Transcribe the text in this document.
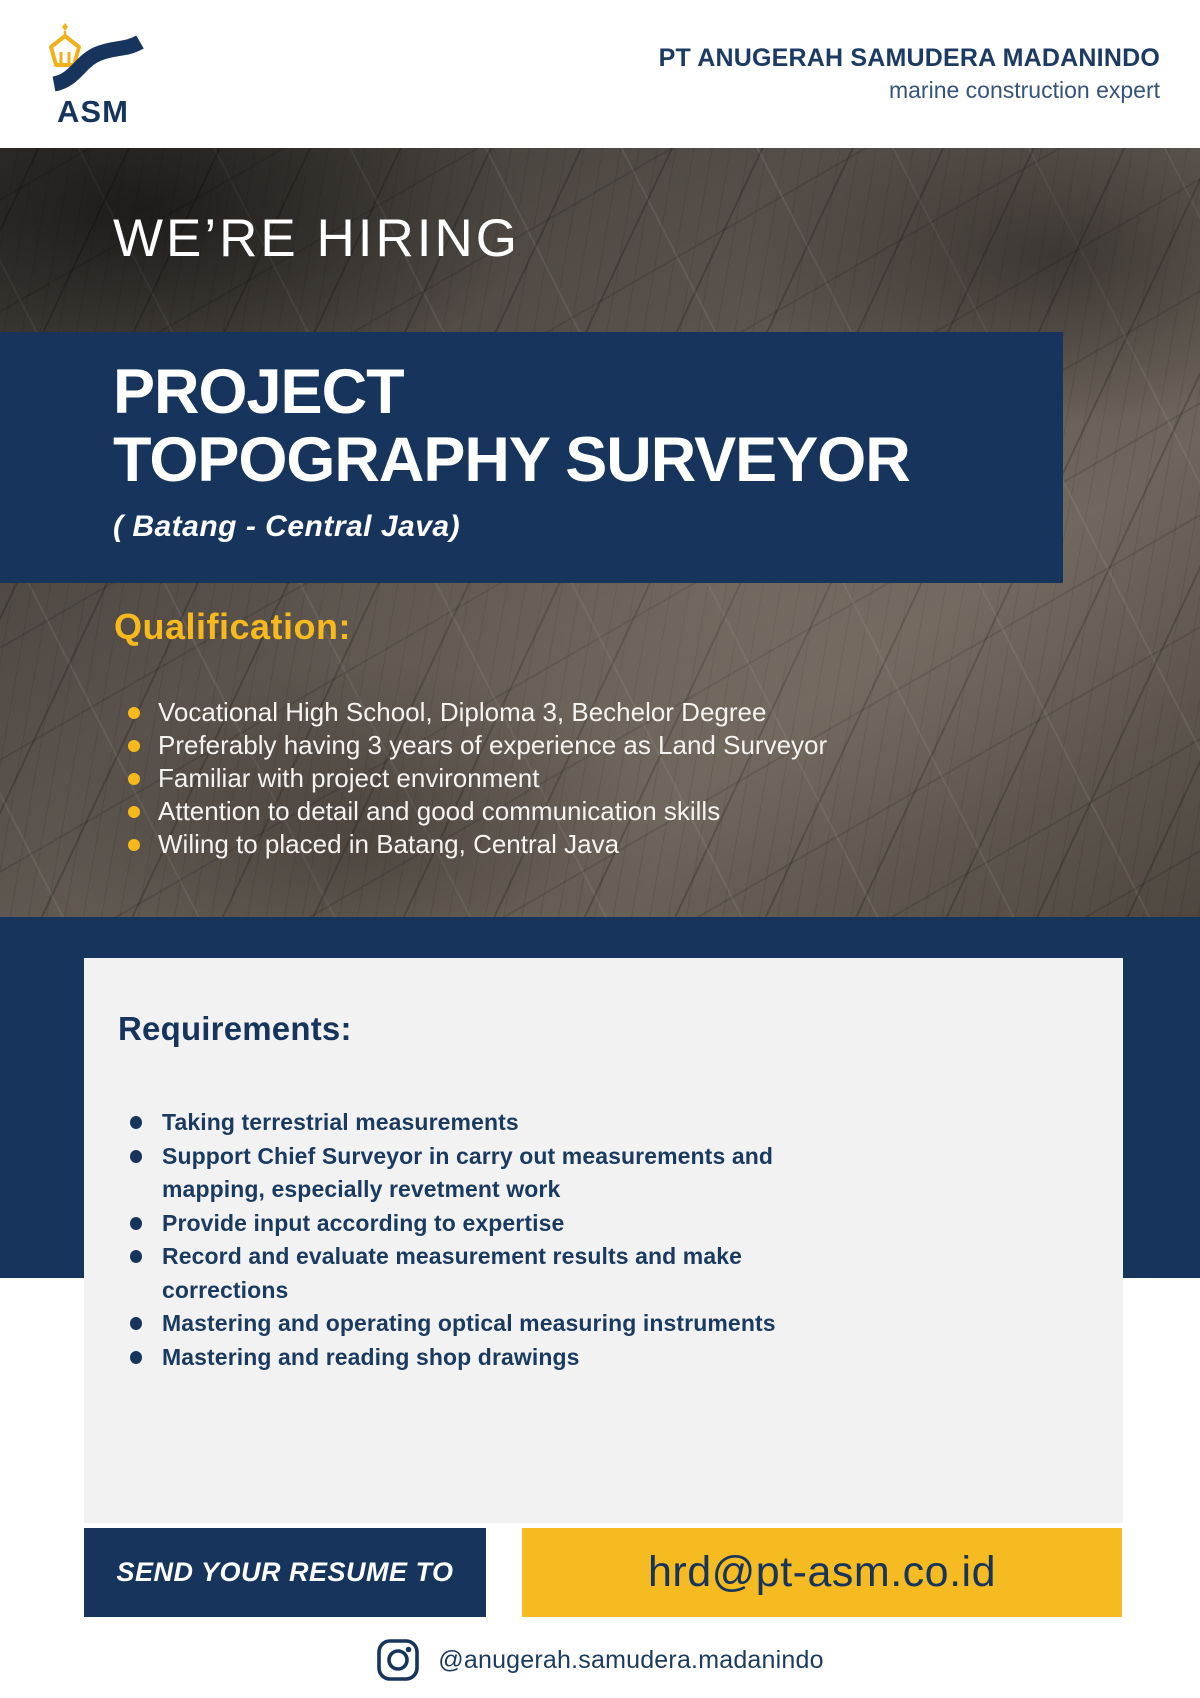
ASM
PT ANUGERAH SAMUDERA MADANINDO
marine construction expert
WE’RE HIRING
PROJECT
TOPOGRAPHY SURVEYOR
( Batang - Central Java)
Qualification:
Vocational High School, Diploma 3, Bechelor Degree
Preferably having 3 years of experience as Land Surveyor
Familiar with project environment
Attention to detail and good communication skills
Wiling to placed in Batang, Central Java
Requirements:
Taking terrestrial measurements
Support Chief Surveyor in carry out measurements and mapping, especially revetment work
Provide input according to expertise
Record and evaluate measurement results and make corrections
Mastering and operating optical measuring instruments
Mastering and reading shop drawings
SEND YOUR RESUME TO	hrd@pt-asm.co.id
@anugerah.samudera.madanindo
